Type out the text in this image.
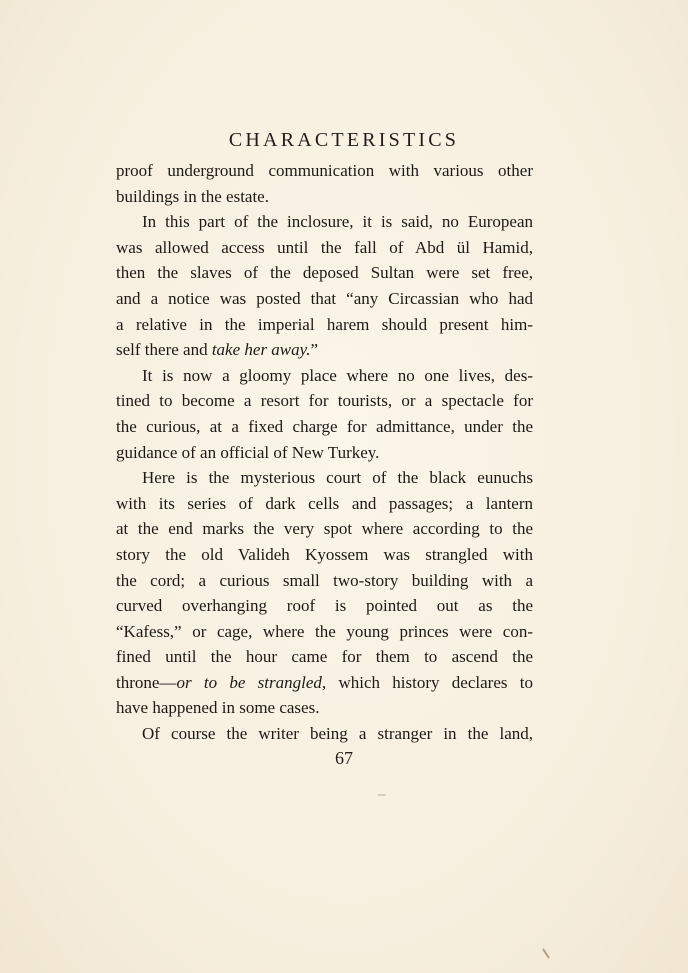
CHARACTERISTICS
proof underground communication with various other
buildings in the estate.
In this part of the inclosure, it is said, no European
was allowed access until the fall of Abd ül Hamid,
then the slaves of the deposed Sultan were set free,
and a notice was posted that “any Circassian who had
a relative in the imperial harem should present him-
self there and take her away.”
It is now a gloomy place where no one lives, des-
tined to become a resort for tourists, or a spectacle for
the curious, at a fixed charge for admittance, under the
guidance of an official of New Turkey.
Here is the mysterious court of the black eunuchs
with its series of dark cells and passages; a lantern
at the end marks the very spot where according to the
story the old Valideh Kyossem was strangled with
the cord; a curious small two-story building with a
curved overhanging roof is pointed out as the
“Kafess,” or cage, where the young princes were con-
fined until the hour came for them to ascend the
throne—or to be strangled, which history declares to
have happened in some cases.
Of course the writer being a stranger in the land,
67
